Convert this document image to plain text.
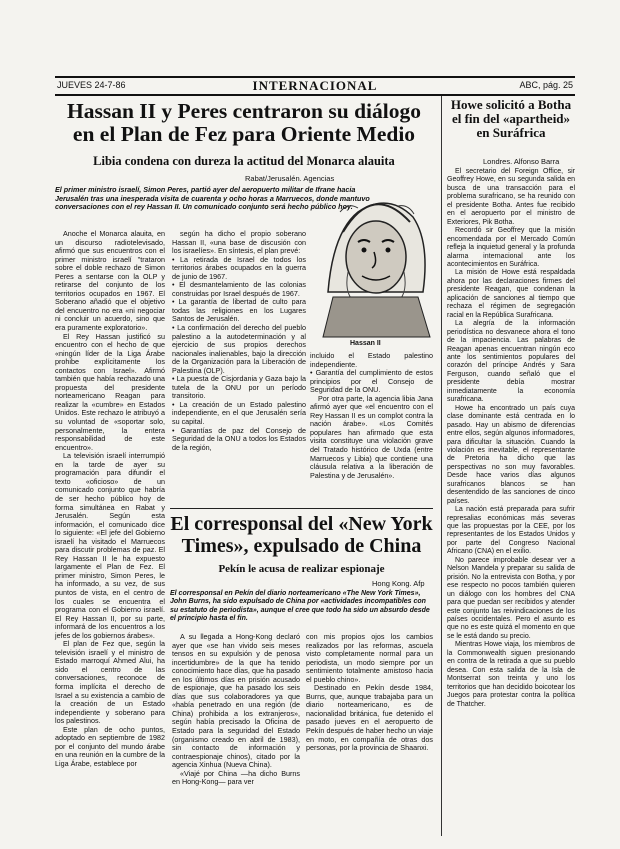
JUEVES 24-7-86	INTERNACIONAL	ABC, pág. 25
Hassan II y Peres centraron su diálogo en el Plan de Fez para Oriente Medio
Libia condena con dureza la actitud del Monarca alauita
Rabat/Jerusalén. Agencias
El primer ministro israelí, Simon Peres, partió ayer del aeropuerto militar de Ifrane hacia Jerusalén tras una inesperada visita de cuarenta y ocho horas a Marruecos, donde mantuvo conversaciones con el rey Hassan II. Un comunicado conjunto será hecho público hoy.

Anoche el Monarca alauita, en un discurso radiotelevisado, afirmó que sus encuentros con el primer ministro israelí "trataron sobre el doble rechazo de Simon Peres a sentarse con la OLP y retirarse del conjunto de los territorios ocupados en 1967. El Soberano añadió que el objetivo del encuentro no era «ni negociar ni concluir un acuerdo, sino que era puramente exploratorio».

El Rey Hassan justificó su encuentro con el hecho de que «ningún líder de la Liga Árabe prohibe explícitamente los contactos con Israel». Afirmó también que había rechazado una propuesta del presidente norteamericano Reagan para realizar la «cumbre» en Estados Unidos. Este rechazo le atribuyó a su voluntad de «soportar solo, personalmente, la entera responsabilidad de este encuentro».

La televisión israelí interrumpió en la tarde de ayer su programación para difundir el texto «oficioso» de un comunicado conjunto que habría de ser hecho público hoy de forma simultánea en Rabat y Jerusalén. Según esta información, el comunicado dice lo siguiente: «El jefe del Gobierno israelí ha visitado el Marruecos para discutir problemas de paz. El Rey Hassan II le ha expuesto largamente el Plan de Fez. El primer ministro, Simon Peres, le ha informado, a su vez, de sus puntos de vista, en el centro de los cuales se encuentra el programa con el Gobierno israelí. El Rey Hassan II, por su parte, informará de los encuentros a los jefes de los gobiernos árabes».

El plan de Fez que, según la televisión israelí y el ministro de Estado marroquí Ahmed Alui, ha sido el centro de las conversaciones, reconoce de forma implícita el derecho de Israel a su existencia a cambio de la creación de un Estado independiente y soberano para los palestinos.

Este plan de ocho puntos, adoptado en septiembre de 1982 por el conjunto del mundo árabe en una reunión en la cumbre de la Liga Árabe, establece por

según ha dicho el propio soberano Hassan II, «una base de discusión con los israelíes». En síntesis, el plan prevé:

• La retirada de Israel de todos los territorios árabes ocupados en la guerra de junio de 1967.

• El desmantelamiento de las colonias construidas por Israel después de 1967.

• La garantía de libertad de culto para todas las religiones en los Lugares Santos de Jerusalén.

• La confirmación del derecho del pueblo palestino a la autodeterminación y al ejercicio de sus propios derechos nacionales inalienables, bajo la dirección de la Organización para la Liberación de Palestina (OLP).

• La puesta de Cisjordania y Gaza bajo la tutela de la ONU por un período transitorio.

• La creación de un Estado palestino independiente, en el que Jerusalén sería su capital.

• Garantías de paz del Consejo de Seguridad de la ONU a todos los Estados de la región,

Hassan II

incluido el Estado palestino independiente.

• Garantía del cumplimiento de estos principios por el Consejo de Seguridad de la ONU.

Por otra parte, la agencia libia Jana afirmó ayer que «el encuentro con el Rey Hassan II es un complot contra la nación árabe». «Los Comités populares han afirmado que esta visita constituye una violación grave del Tratado histórico de Uxda (entre Marruecos y Libia) que contiene una cláusula relativa a la liberación de Palestina y de Jerusalén».

El corresponsal del «New York Times», expulsado de China
Pekín le acusa de realizar espionaje
Hong Kong. Afp
El corresponsal en Pekín del diario norteamericano «The New York Times», John Burns, ha sido expulsado de China por «actividades incompatibles con su estatuto de periodista», aunque el cree que todo ha sido un absurdo desde el principio hasta el fin.

A su llegada a Hong-Kong declaró ayer que «se han vivido seis meses tensos en su expulsión y de penosa incertidumbre» de la que ha tenido conocimiento hace días, que ha pasado en los últimos días en prisión acusado de espionaje, que ha pasado los seis días que sus colaboradores ya que «había penetrado en una región (de China) prohibida a los extranjeros», según había precisado la Oficina de Estado para la seguridad del Estado (organismo creado en abril de 1983), sin contacto de información y contraespionaje chinos), citado por la agencia Xinhua (Nueva China).

«Viajé por China —ha dicho Burns en Hong-Kong— para ver

con mis propios ojos los cambios realizados por las reformas, ascuela visto completamente normal para un periodista, un modo siempre por un sentimiento totalmente amistoso hacia el pueblo chino».

Destinado en Pekín desde 1984, Burns, que, aunque trabajaba para un diario norteamericano, es de nacionalidad británica, fue detenido el pasado jueves en el aeropuerto de Pekín después de haber hecho un viaje en moto, en compañía de otras dos personas, por la provincia de Shaanxi.

Howe solicitó a Botha el fin del «apartheid» en Suráfrica
Londres. Alfonso Barra

El secretario del Foreign Office, sir Geoffrey Howe, en su segunda salida en busca de una transacción para el problema surafricano, se ha reunido con el presidente Botha. Antes fue recibido en el aeropuerto por el ministro de Exteriores, Pik Botha.

Recordó sir Geoffrey que la misión encomendada por el Mercado Común refleja la inquietud general y la profunda alarma internacional ante los acontecimientos en Suráfrica.

La misión de Howe está respaldada ahora por las declaraciones firmes del presidente Reagan, que condenan la aplicación de sanciones al tiempo que rechaza el régimen de segregación racial en la República Surafricana.

La alegría de la información periodística no desvanece ahora el tono de la impaciencia. Las palabras de Reagan apenas encuentran ningún eco ante los sentimientos populares del corazón del príncipe Andrés y Sara Ferguson, cuando señaló que el presidente debía mostrar inmediatamente la economía surafricana.

Howe ha encontrado un país cuya clase dominante está centrada en lo pasado. Hay un abismo de diferencias entre ellos, según algunos informadores, para dificultar la situación. Cuando la violación es inevitable, el representante de Pretoria ha dicho que las perspectivas no son muy favorables. Desde hace varios días algunos surafricanos blancos se han desentendido de las sanciones de cinco países.

La nación está preparada para sufrir represalias económicas más severas que las propuestas por la CEE, por los representantes de los Estados Unidos y por parte del Congreso Nacional Africano (CNA) en el exilio.

No parece improbable desear ver a Nelson Mandela y preparar su salida de prisión. No la entrevista con Botha, y por ese respecto no pocos también quieren un diálogo con los hombres del CNA para que puedan ser recibidos y atender este conjunto las reivindicaciones de los países occidentales. Pero el asunto es que no es este quizá el momento en que se le está dando su precio.

Mientras Howe viaja, los miembros de la Commonwealth siguen presionando en contra de la retirada a que su pueblo desea. Con esta salida de la Isla de Montserrat son treinta y uno los territorios que han decidido boicotear los Juegos para protestar contra la política de Thatcher.
